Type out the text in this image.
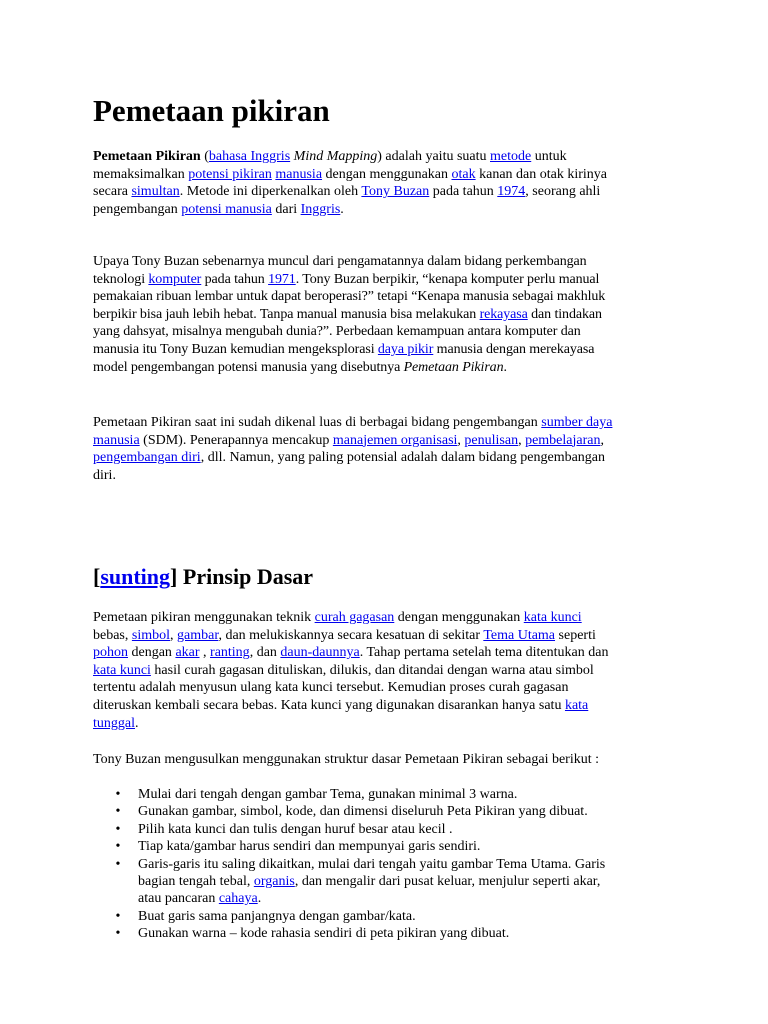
Pemetaan pikiran
Pemetaan Pikiran (bahasa Inggris Mind Mapping) adalah yaitu suatu metode untuk
memaksimalkan potensi pikiran manusia dengan menggunakan otak kanan dan otak kirinya
secara simultan. Metode ini diperkenalkan oleh Tony Buzan pada tahun 1974, seorang ahli
pengembangan potensi manusia dari Inggris.
Upaya Tony Buzan sebenarnya muncul dari pengamatannya dalam bidang perkembangan
teknologi komputer pada tahun 1971. Tony Buzan berpikir, “kenapa komputer perlu manual
pemakaian ribuan lembar untuk dapat beroperasi?” tetapi “Kenapa manusia sebagai makhluk
berpikir bisa jauh lebih hebat. Tanpa manual manusia bisa melakukan rekayasa dan tindakan
yang dahsyat, misalnya mengubah dunia?”. Perbedaan kemampuan antara komputer dan
manusia itu Tony Buzan kemudian mengeksplorasi daya pikir manusia dengan merekayasa
model pengembangan potensi manusia yang disebutnya Pemetaan Pikiran.
Pemetaan Pikiran saat ini sudah dikenal luas di berbagai bidang pengembangan sumber daya
manusia (SDM). Penerapannya mencakup manajemen organisasi, penulisan, pembelajaran,
pengembangan diri, dll. Namun, yang paling potensial adalah dalam bidang pengembangan
diri.
[sunting] Prinsip Dasar
Pemetaan pikiran menggunakan teknik curah gagasan dengan menggunakan kata kunci
bebas, simbol, gambar, dan melukiskannya secara kesatuan di sekitar Tema Utama seperti
pohon dengan akar , ranting, dan daun-daunnya. Tahap pertama setelah tema ditentukan dan
kata kunci hasil curah gagasan dituliskan, dilukis, dan ditandai dengan warna atau simbol
tertentu adalah menyusun ulang kata kunci tersebut. Kemudian proses curah gagasan
diteruskan kembali secara bebas. Kata kunci yang digunakan disarankan hanya satu kata
tunggal.
Tony Buzan mengusulkan menggunakan struktur dasar Pemetaan Pikiran sebagai berikut :
• Mulai dari tengah dengan gambar Tema, gunakan minimal 3 warna.
• Gunakan gambar, simbol, kode, dan dimensi diseluruh Peta Pikiran yang dibuat.
• Pilih kata kunci dan tulis dengan huruf besar atau kecil .
• Tiap kata/gambar harus sendiri dan mempunyai garis sendiri.
• Garis-garis itu saling dikaitkan, mulai dari tengah yaitu gambar Tema Utama. Garis
bagian tengah tebal, organis, dan mengalir dari pusat keluar, menjulur seperti akar,
atau pancaran cahaya.
• Buat garis sama panjangnya dengan gambar/kata.
• Gunakan warna – kode rahasia sendiri di peta pikiran yang dibuat.
